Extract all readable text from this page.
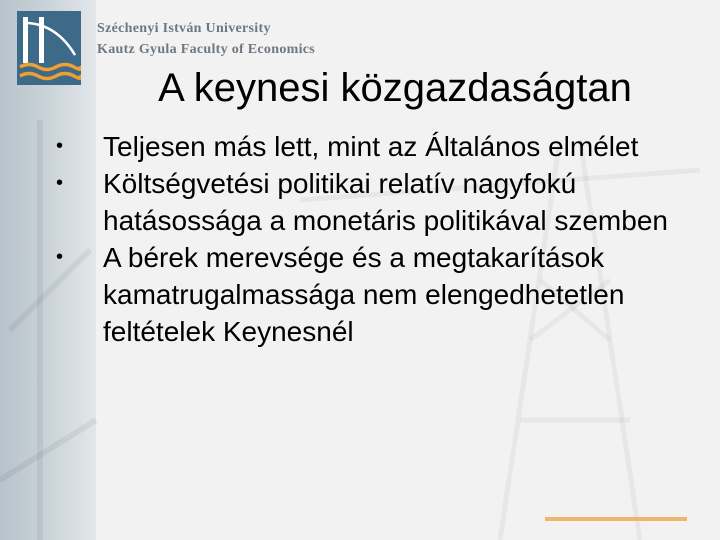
Széchenyi István University
Kautz Gyula Faculty of Economics
A keynesi közgazdaságtan
• Teljesen más lett, mint az Általános elmélet
• Költségvetési politikai relatív nagyfokú hatásossága a monetáris politikával szemben
• A bérek merevsége és a megtakarítások kamatrugalmassága nem elengedhetetlen feltételek Keynesnél
